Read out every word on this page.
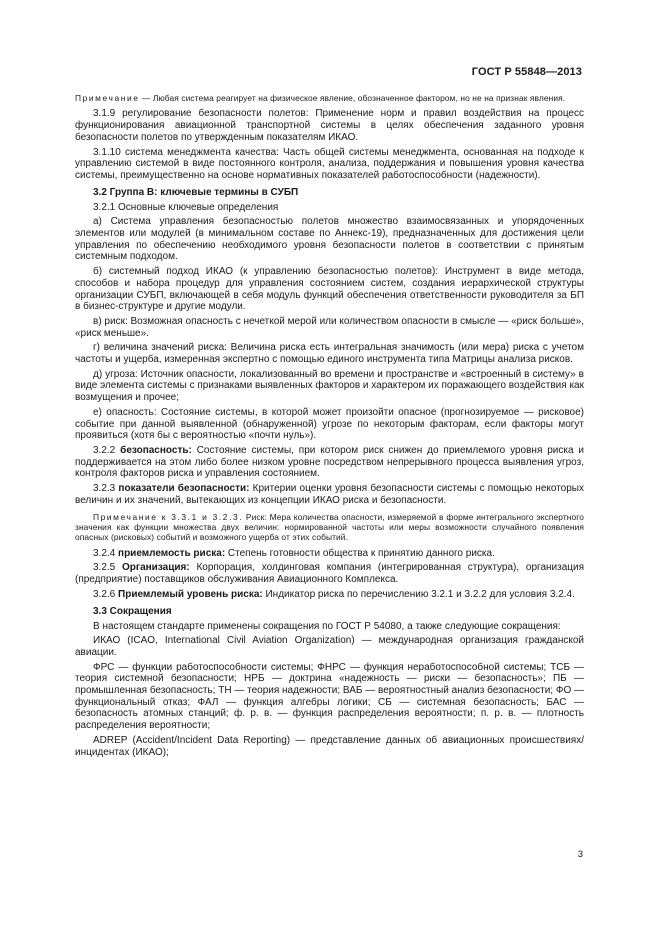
ГОСТ Р 55848—2013

Примечание — Любая система реагирует на физическое явление, обозначенное фактором, но не на признак явления.

3.1.9 регулирование безопасности полетов: Применение норм и правил воздействия на процесс функционирования авиационной транспортной системы в целях обеспечения заданного уровня безопасности полетов по утвержденным показателям ИКАО.

3.1.10 система менеджмента качества: Часть общей системы менеджмента, основанная на подходе к управлению системой в виде постоянного контроля, анализа, поддержания и повышения уровня качества системы, преимущественно на основе нормативных показателей работоспособности (надежности).

3.2 Группа В: ключевые термины в СУБП

3.2.1 Основные ключевые определения

а) Система управления безопасностью полетов множество взаимосвязанных и упорядоченных элементов или модулей (в минимальном составе по Аннекс-19), предназначенных для достижения цели управления по обеспечению необходимого уровня безопасности полетов в соответствии с принятым системным подходом.

б) системный подход ИКАО (к управлению безопасностью полетов): Инструмент в виде метода, способов и набора процедур для управления состоянием систем, создания иерархической структуры организации СУБП, включающей в себя модуль функций обеспечения ответственности руководителя за БП в бизнес-структуре и другие модули.

в) риск: Возможная опасность с нечеткой мерой или количеством опасности в смысле — «риск больше», «риск меньше».

г) величина значений риска: Величина риска есть интегральная значимость (или мера) риска с учетом частоты и ущерба, измеренная экспертно с помощью единого инструмента типа Матрицы анализа рисков.

д) угроза: Источник опасности, локализованный во времени и пространстве и «встроенный в систему» в виде элемента системы с признаками выявленных факторов и характером их поражающего воздействия как возмущения и прочее;

е) опасность: Состояние системы, в которой может произойти опасное (прогнозируемое — рисковое) событие при данной выявленной (обнаруженной) угрозе по некоторым факторам, если факторы могут проявиться (хотя бы с вероятностью «почти нуль»).

3.2.2 безопасность: Состояние системы, при котором риск снижен до приемлемого уровня риска и поддерживается на этом либо более низком уровне посредством непрерывного процесса выявления угроз, контроля факторов риска и управления состоянием.

3.2.3 показатели безопасности: Критерии оценки уровня безопасности системы с помощью некоторых величин и их значений, вытекающих из концепции ИКАО риска и безопасности.

Примечание к 3.3.1 и 3.2.3. Риск: Мера количества опасности, измеряемой в форме интегрального экспертного значения как функции множества двух величин: нормированной частоты или меры возможности случайного появления опасных (рисковых) событий и возможного ущерба от этих событий.

3.2.4 приемлемость риска: Степень готовности общества к принятию данного риска.

3.2.5 Организация: Корпорация, холдинговая компания (интегрированная структура), организация (предприятие) поставщиков обслуживания Авиационного Комплекса.

3.2.6 Приемлемый уровень риска: Индикатор риска по перечислению 3.2.1 и 3.2.2 для условия 3.2.4.

3.3 Сокращения

В настоящем стандарте применены сокращения по ГОСТ Р 54080, а также следующие сокращения:

ИКАО (ICAO, International Civil Aviation Organization) — международная организация гражданской авиации.

ФРС — функции работоспособности системы; ФНРС — функция неработоспособной системы; ТСБ — теория системной безопасности; НРБ — доктрина «надежность — риски — безопасность»; ПБ — промышленная безопасность; ТН — теория надежности; ВАБ — вероятностный анализ безопасности; ФО — функциональный отказ; ФАЛ — функция алгебры логики; СБ — системная безопасность; БАС — безопасность атомных станций; ф. р. в. — функция распределения вероятности; п. р. в. — плотность распределения вероятности;

ADREP (Accident/Incident Data Reporting) — представление данных об авиационных происшествиях/инцидентах (ИКАО);

3
